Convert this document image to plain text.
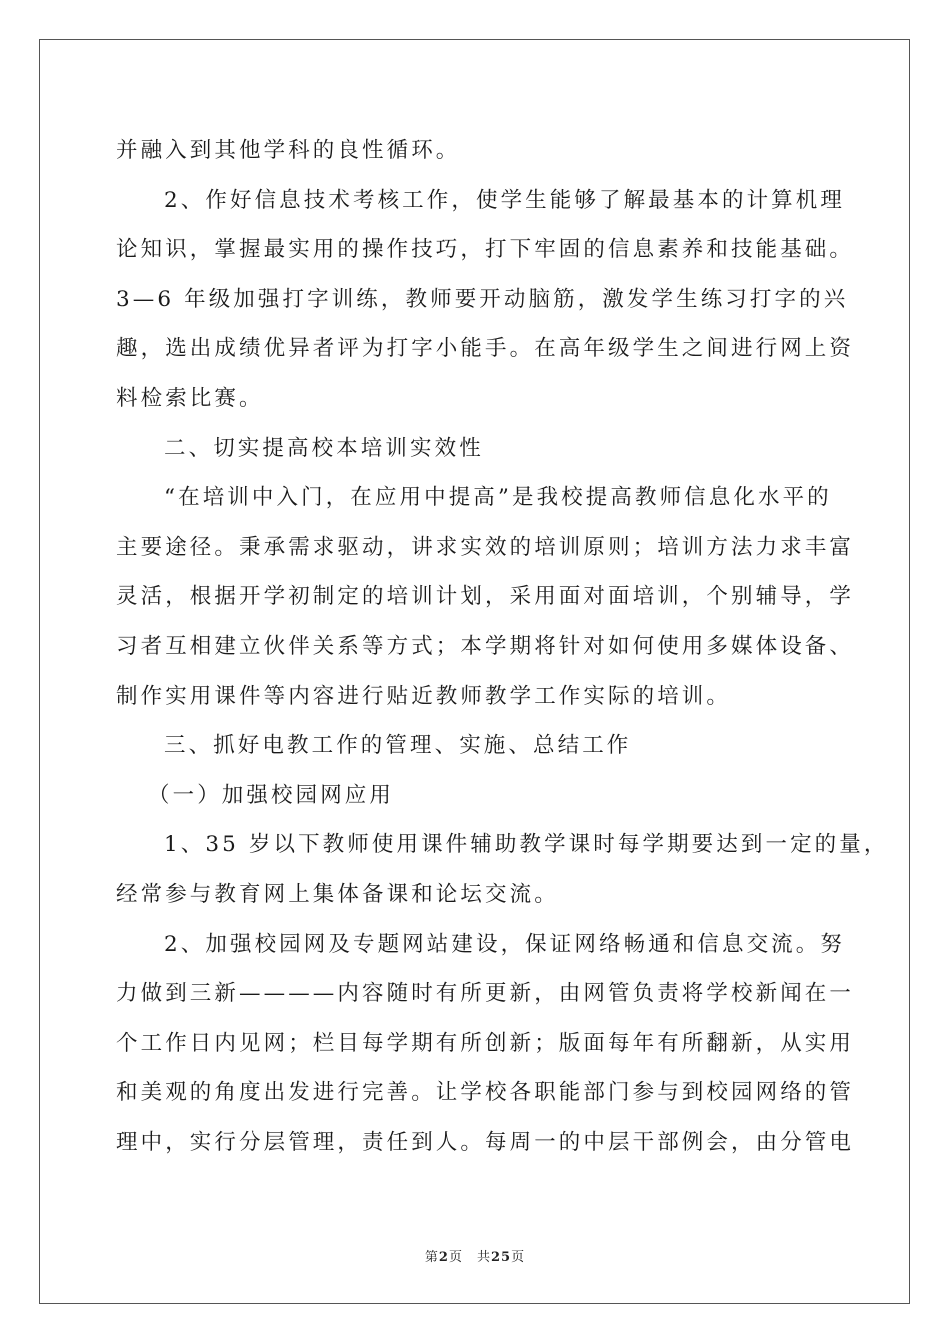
并融入到其他学科的良性循环。
2、作好信息技术考核工作，使学生能够了解最基本的计算机理
论知识，掌握最实用的操作技巧，打下牢固的信息素养和技能基础。
3—6 年级加强打字训练，教师要开动脑筋，激发学生练习打字的兴
趣，选出成绩优异者评为打字小能手。在高年级学生之间进行网上资
料检索比赛。
二、切实提高校本培训实效性
“在培训中入门，在应用中提高”是我校提高教师信息化水平的
主要途径。秉承需求驱动，讲求实效的培训原则；培训方法力求丰富
灵活，根据开学初制定的培训计划，采用面对面培训，个别辅导，学
习者互相建立伙伴关系等方式；本学期将针对如何使用多媒体设备、
制作实用课件等内容进行贴近教师教学工作实际的培训。
三、抓好电教工作的管理、实施、总结工作
（一）加强校园网应用
1、35 岁以下教师使用课件辅助教学课时每学期要达到一定的量，
经常参与教育网上集体备课和论坛交流。
2、加强校园网及专题网站建设，保证网络畅通和信息交流。努
力做到三新————内容随时有所更新，由网管负责将学校新闻在一
个工作日内见网；栏目每学期有所创新；版面每年有所翻新，从实用
和美观的角度出发进行完善。让学校各职能部门参与到校园网络的管
理中，实行分层管理，责任到人。每周一的中层干部例会，由分管电
第2页 共25页
